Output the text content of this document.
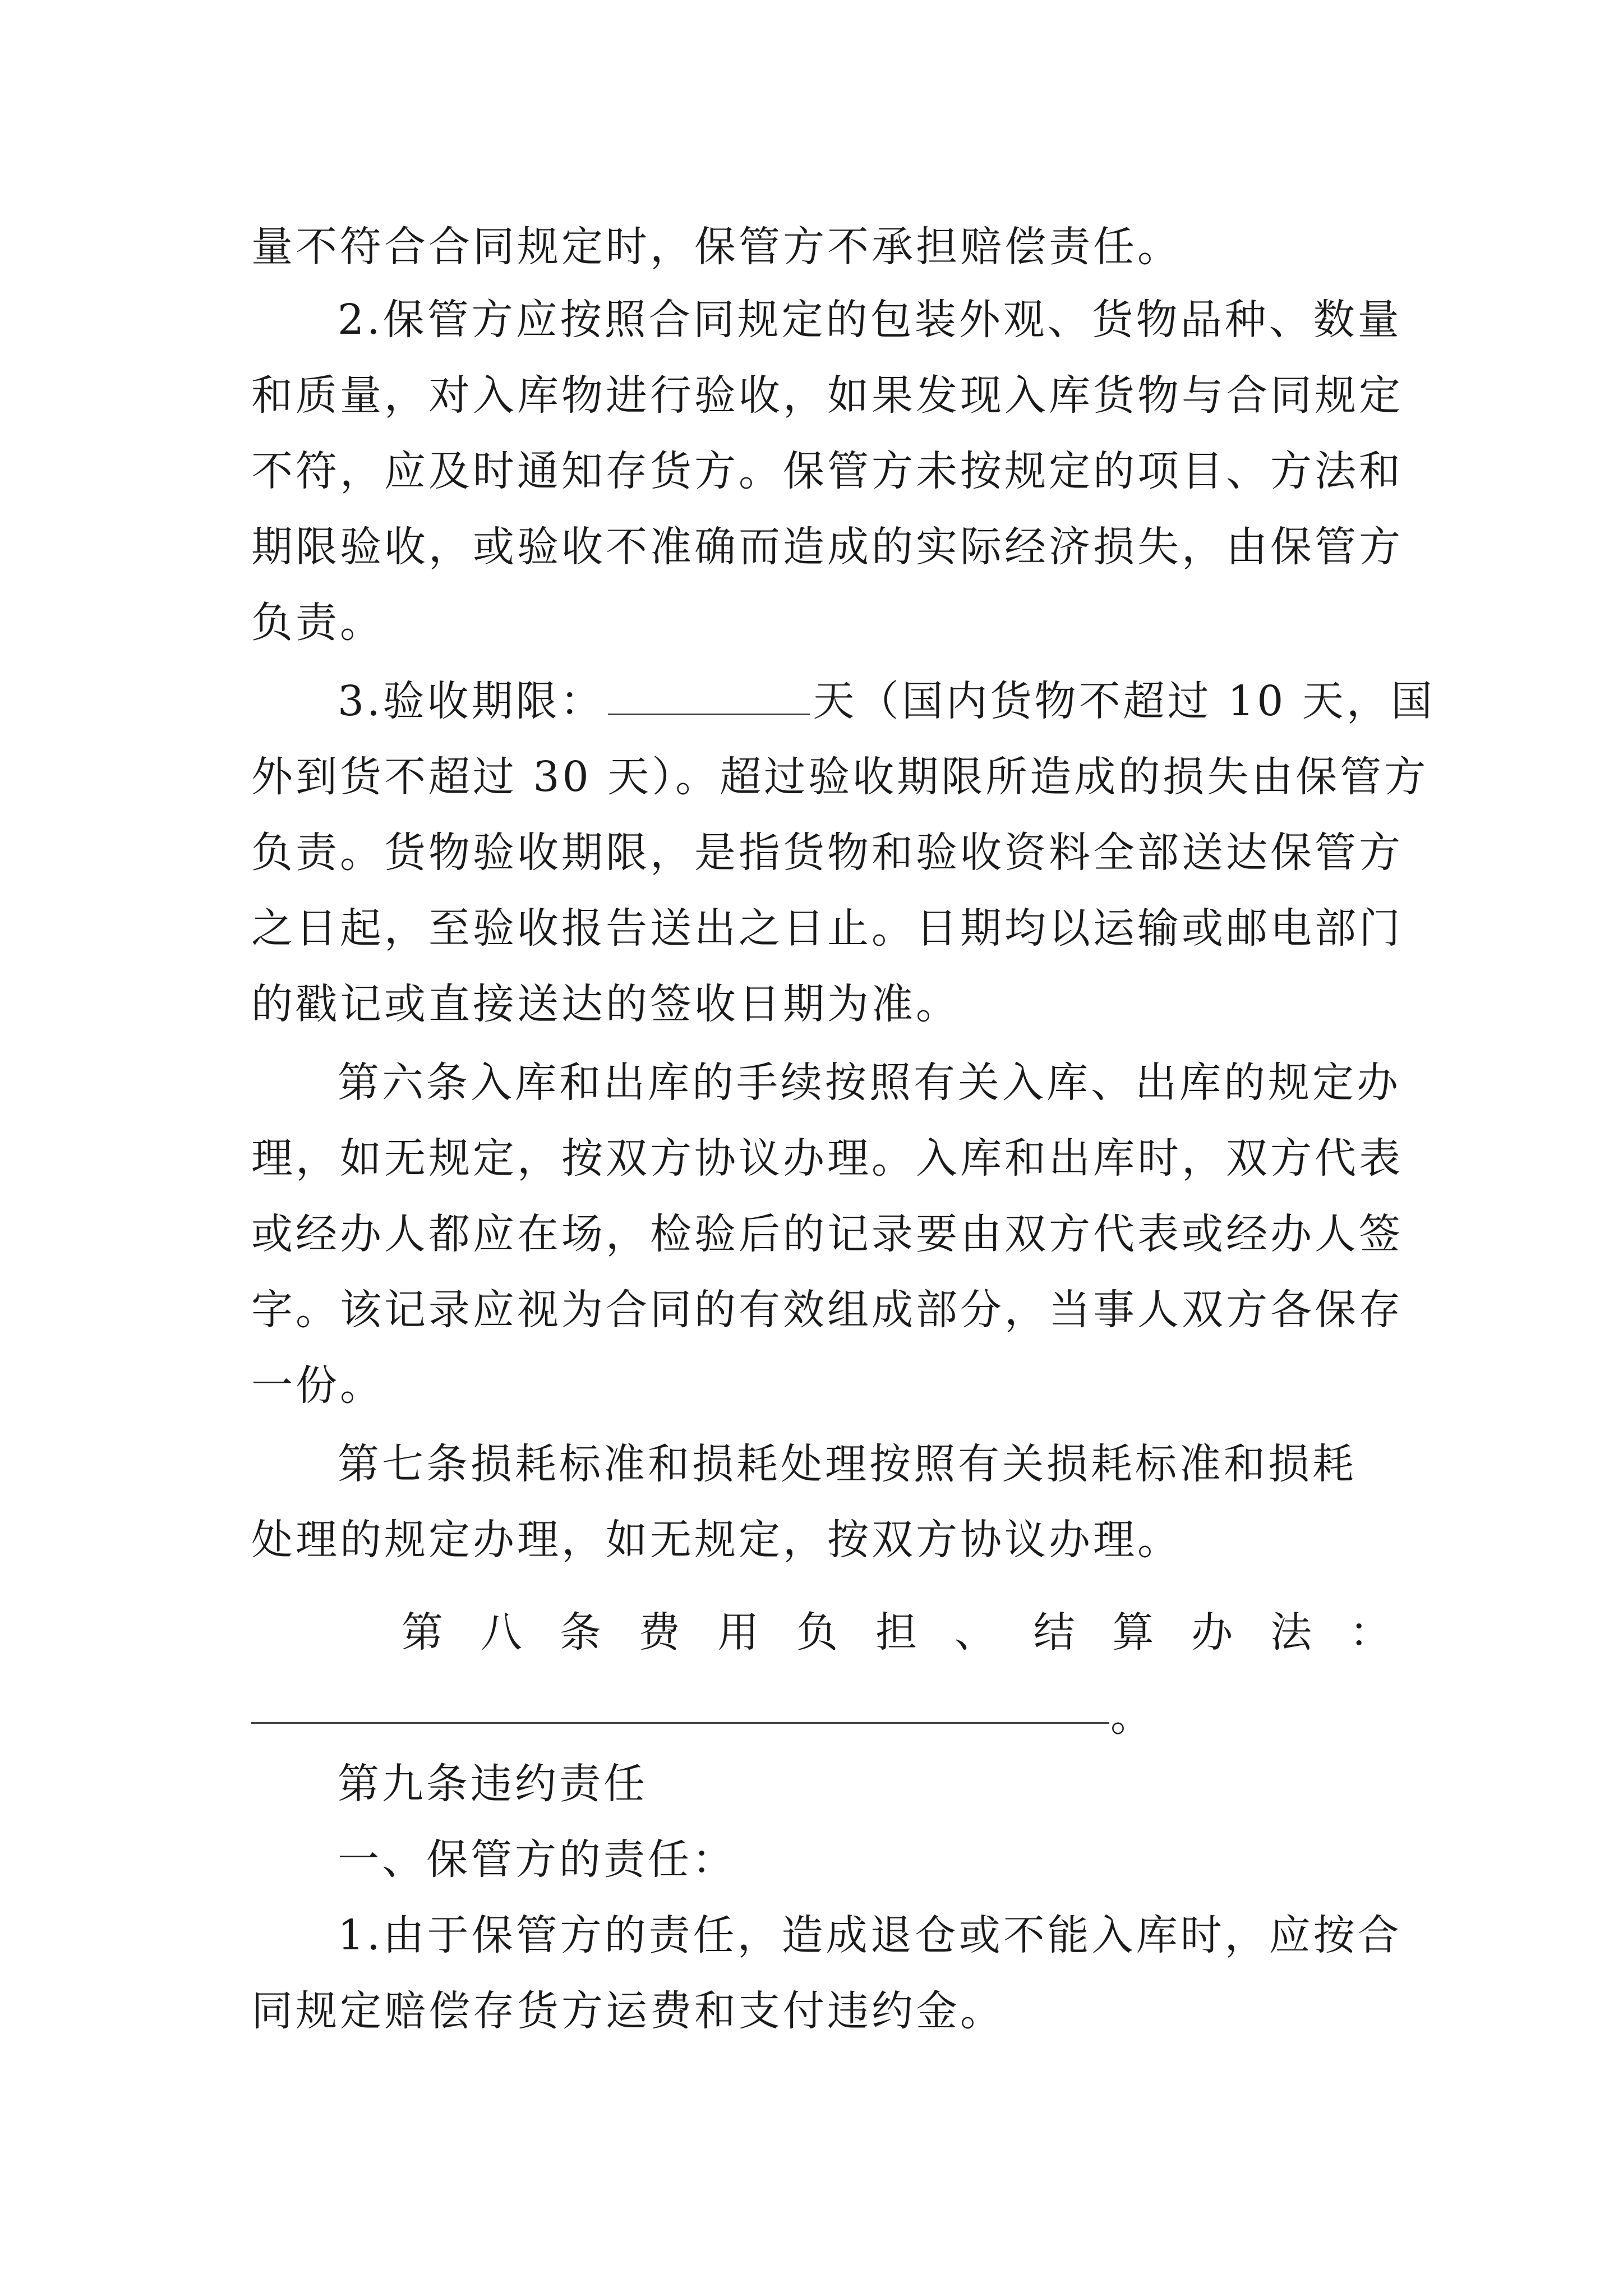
量不符合合同规定时，保管方不承担赔偿责任。
2.保管方应按照合同规定的包装外观、货物品种、数量
和质量，对入库物进行验收，如果发现入库货物与合同规定
不符，应及时通知存货方。保管方未按规定的项目、方法和
期限验收，或验收不准确而造成的实际经济损失，由保管方
负责。
3.验收期限：	天（国内货物不超过 10 天，国
外到货不超过 30 天）。超过验收期限所造成的损失由保管方
负责。货物验收期限，是指货物和验收资料全部送达保管方
之日起，至验收报告送出之日止。日期均以运输或邮电部门
的戳记或直接送达的签收日期为准。
第六条入库和出库的手续按照有关入库、出库的规定办
理，如无规定，按双方协议办理。入库和出库时，双方代表
或经办人都应在场，检验后的记录要由双方代表或经办人签
字。该记录应视为合同的有效组成部分，当事人双方各保存
一份。
第七条损耗标准和损耗处理按照有关损耗标准和损耗
处理的规定办理，如无规定，按双方协议办理。
第 八 条 费 用 负 担 、 结 算 办 法 ：
。
第九条违约责任
一、保管方的责任：
1.由于保管方的责任，造成退仓或不能入库时，应按合
同规定赔偿存货方运费和支付违约金。
